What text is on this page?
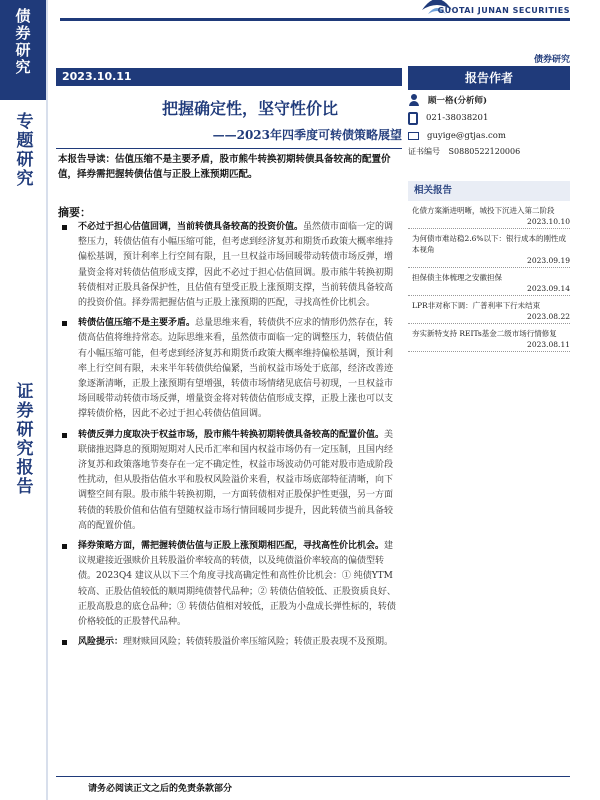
债券研究
专题研究
证券研究报告
GUOTAI JUNAN SECURITIES
债券研究
2023.10.11
把握确定性，坚守性价比
——2023年四季度可转债策略展望
本报告导读：估值压缩不是主要矛盾，股市熊牛转换初期转债具备较高的配置价值，择券需把握转债估值与正股上涨预期匹配。
摘要：
不必过于担心估值回调，当前转债具备较高的投资价值。虽然债市面临一定的调整压力，转债估值有小幅压缩可能，但考虑到经济复苏和期货币政策大概率维持偏松基调，预计利率上行空间有限，且一旦权益市场回暖带动转债市场反弹，增量资金将对转债估值形成支撑，因此不必过于担心估值回调。股市熊牛转换初期转债相对正股具备保护性，且估值有望受正股上涨预期支撑，当前转债具备较高的投资价值。择券需把握估值与正股上涨预期的匹配，寻找高性价比机会。
转债估值压缩不是主要矛盾。总量思维来看，转债供不应求的情形仍然存在，转债高估值将维持常态。边际思维来看，虽然债市面临一定的调整压力，转债估值有小幅压缩可能，但考虑到经济复苏和期货币政策大概率维持偏松基调，预计利率上行空间有限，未来半年转债供给偏紧，当前权益市场处于底部，经济改善迹象逐渐清晰，正股上涨预期有望增强，转债市场情绪见底信号初现，一旦权益市场回暖带动转债市场反弹，增量资金将对转债估值形成支撑，正股上涨也可以支撑转债价格，因此不必过于担心转债估值回调。
转债反弹力度取决于权益市场，股市熊牛转换初期转债具备较高的配置价值。美联储推迟降息的预期短期对人民币汇率和国内权益市场仍有一定压制，且国内经济复苏和政策落地节奏存在一定不确定性，权益市场波动仍可能对股市造成阶段性扰动，但从股指估值水平和股权风险溢价来看，权益市场底部特征清晰，向下调整空间有限。股市熊牛转换初期，一方面转债相对正股保护性更强，另一方面转债的转股价值和估值有望随权益市场行情回暖同步提升，因此转债当前具备较高的配置价值。
择券策略方面，需把握转债估值与正股上涨预期相匹配，寻找高性价比机会。建议规避接近强赎价且转股溢价率较高的转债，以及纯债溢价率较高的偏债型转债。2023Q4 建议从以下三个角度寻找高确定性和高性价比机会：① 纯债YTM较高、正股估值较低的顺周期纯债替代品种；② 转债估值较低、正股资质良好、正股高股息的底仓品种；③ 转债估值相对较低，正股为小盘成长弹性标的，转债价格较低的正股替代品种。
风险提示：理财赎回风险；转债转股溢价率压缩风险；转债正股表现不及预期。
报告作者
顾一格(分析师)
021-38038201
guyige@gtjas.com
证书编号 S0880522120006
相关报告
化债方案渐进明晰，城投下沉进入第二阶段
2023.10.10
为何债市难站稳2.6%以下：银行成本的刚性成本视角
2023.09.19
担保债主体梳理之安徽担保
2023.09.14
LPR非对称下调：广普利率下行未结束
2023.08.22
夯实新特支持 REITs基金二级市场行情修复
2023.08.11
请务必阅读正文之后的免责条款部分
